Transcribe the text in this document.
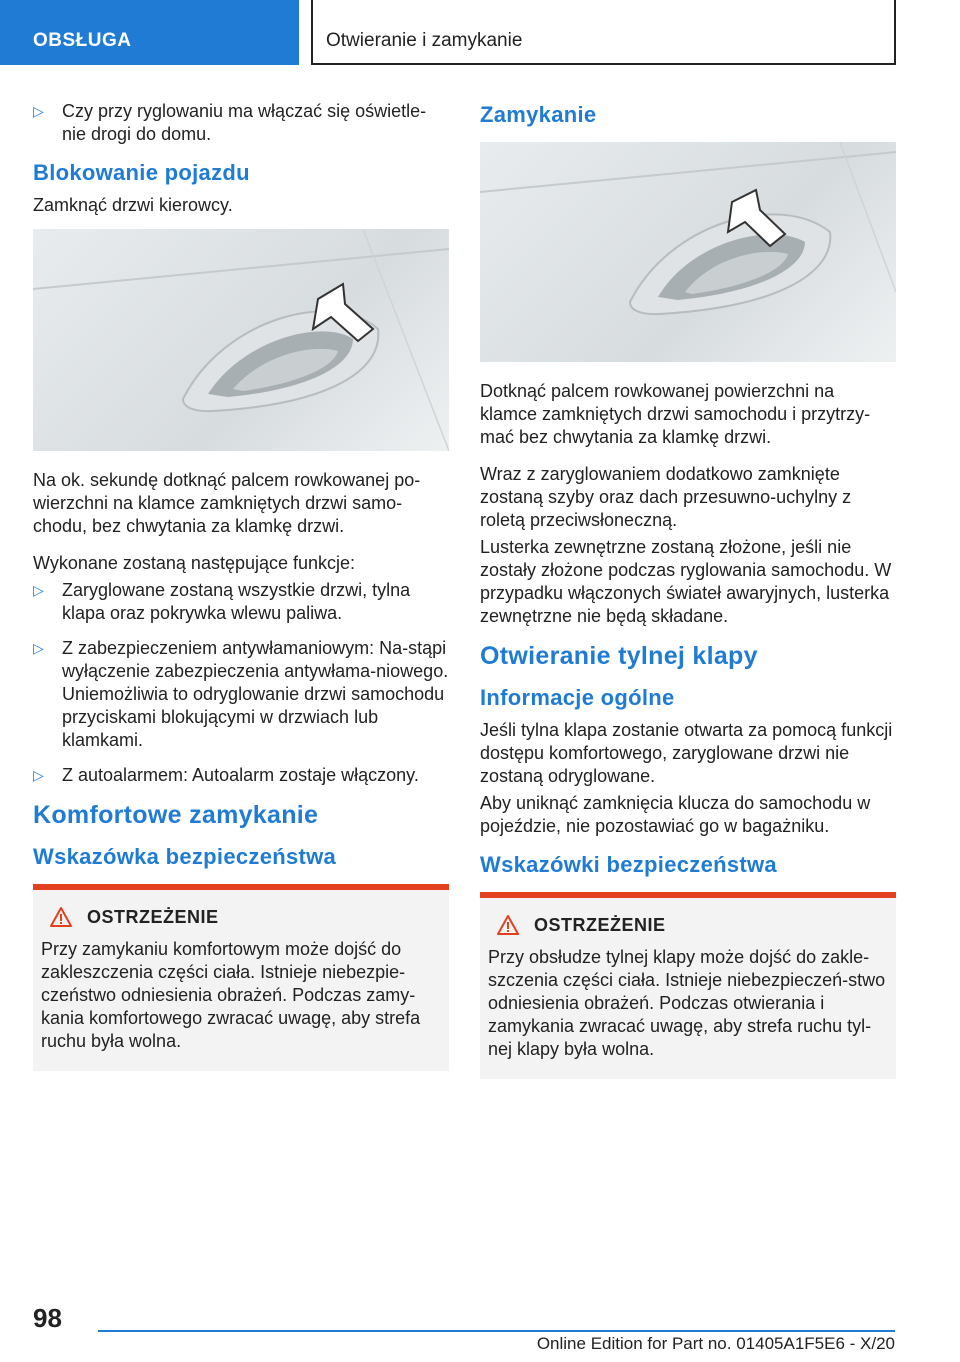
OBSŁUGA	Otwieranie i zamykanie
▷ Czy przy ryglowaniu ma włączać się oświetle-nie drogi do domu.
Blokowanie pojazdu

Zamknąć drzwi kierowcy.

Na ok. sekundę dotknąć palcem rowkowanej po-wierzchni na klamce zamkniętych drzwi samo-chodu, bez chwytania za klamkę drzwi.

Wykonane zostaną następujące funkcje:

▷ Zaryglowane zostaną wszystkie drzwi, tylna klapa oraz pokrywka wlewu paliwa.
▷ Z zabezpieczeniem antywłamaniowym: Na-stąpi wyłączenie zabezpieczenia antywłama-niowego. Uniemożliwia to odryglowanie drzwi samochodu przyciskami blokującymi w drzwiach lub klamkami.
▷ Z autoalarmem: Autoalarm zostaje włączony.
Komfortowe zamykanie
Wskazówka bezpieczeństwa
OSTRZEŻENIE

Przy zamykaniu komfortowym może dojść do zakleszczenia części ciała. Istnieje niebezpie-czeństwo odniesienia obrażeń. Podczas zamy-kania komfortowego zwracać uwagę, aby strefa ruchu była wolna.

Zamykanie

Dotknąć palcem rowkowanej powierzchni na klamce zamkniętych drzwi samochodu i przytrzy-mać bez chwytania za klamkę drzwi.

Wraz z zaryglowaniem dodatkowo zamknięte zostaną szyby oraz dach przesuwno-uchylny z roletą przeciwsłoneczną.

Lusterka zewnętrzne zostaną złożone, jeśli nie zostały złożone podczas ryglowania samochodu. W przypadku włączonych świateł awaryjnych, lusterka zewnętrzne nie będą składane.

Otwieranie tylnej klapy
Informacje ogólne

Jeśli tylna klapa zostanie otwarta za pomocą funkcji dostępu komfortowego, zaryglowane drzwi nie zostaną odryglowane.

Aby uniknąć zamknięcia klucza do samochodu w pojeździe, nie pozostawiać go w bagażniku.

Wskazówki bezpieczeństwa
OSTRZEŻENIE

Przy obsłudze tylnej klapy może dojść do zakle-szczenia części ciała. Istnieje niebezpieczeń-stwo odniesienia obrażeń. Podczas otwierania i zamykania zwracać uwagę, aby strefa ruchu tyl-nej klapy była wolna.

98
Online Edition for Part no. 01405A1F5E6 - X/20
